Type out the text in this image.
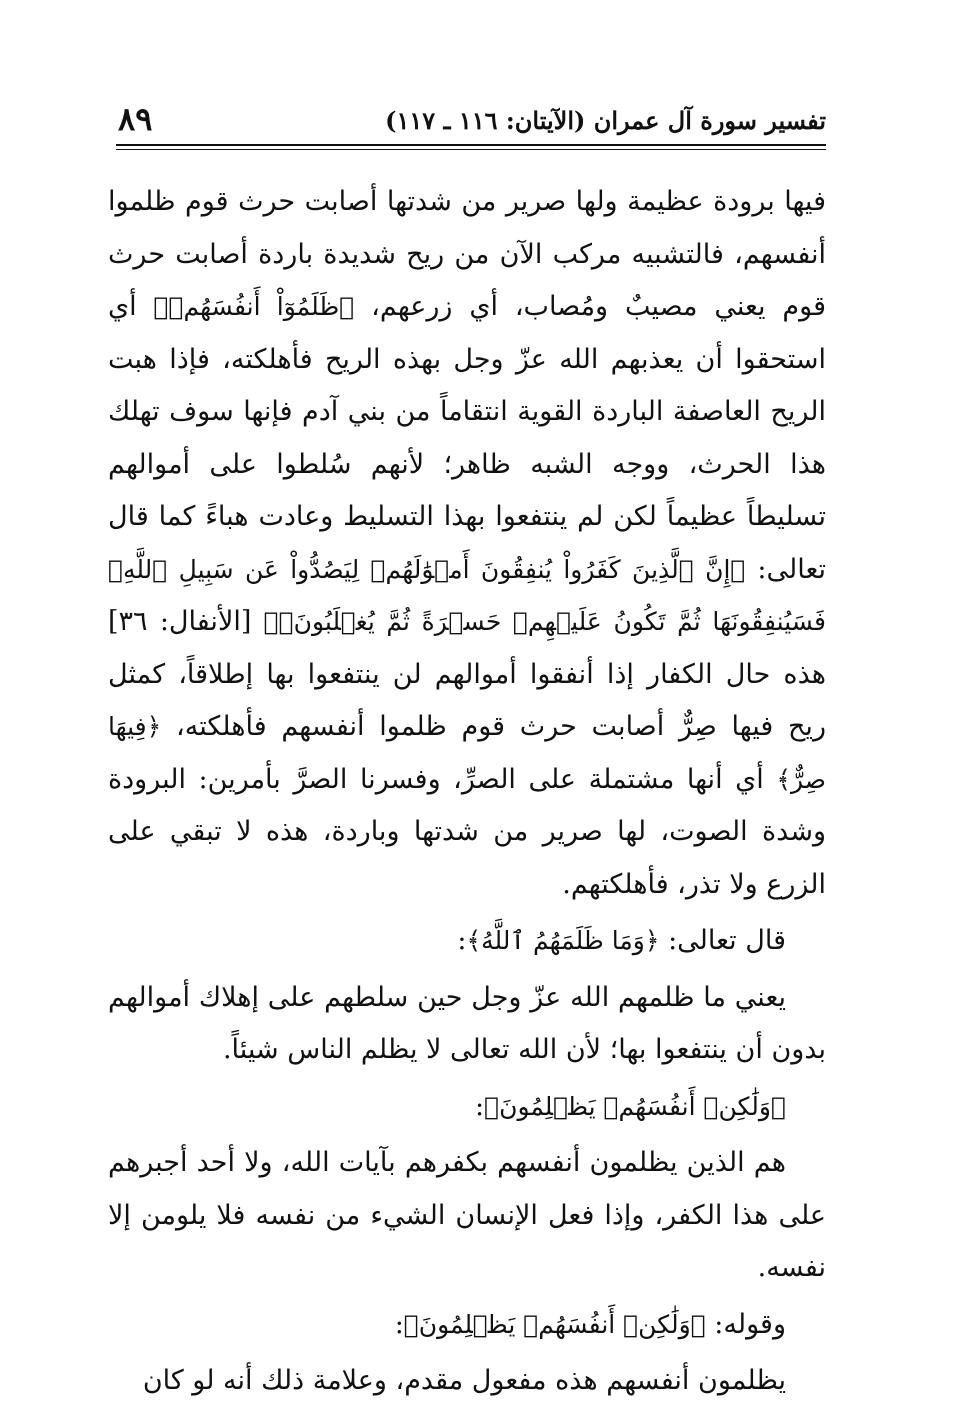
تفسير سورة آل عمران (الآيتان: ١١٦ ـ ١١٧)
٨٩

فيها برودة عظيمة ولها صرير من شدتها أصابت حرث قوم ظلموا أنفسهم، فالتشبيه مركب الآن من ريح شديدة باردة أصابت حرث قوم يعني مصيبٌ ومُصاب، أي زرعهم، ﴿ظَلَمُوٓاْ أَنفُسَهُمۡ﴾ أي استحقوا أن يعذبهم الله عزّ وجل بهذه الريح فأهلكته، فإذا هبت الريح العاصفة الباردة القوية انتقاماً من بني آدم فإنها سوف تهلك هذا الحرث، ووجه الشبه ظاهر؛ لأنهم سُلطوا على أموالهم تسليطاً عظيماً لكن لم ينتفعوا بهذا التسليط وعادت هباءً كما قال تعالى: ﴿إِنَّ ٱلَّذِينَ كَفَرُواْ يُنفِقُونَ أَمۡوَٰلَهُمۡ لِيَصُدُّواْ عَن سَبِيلِ ٱللَّهِۚ فَسَيُنفِقُونَهَا ثُمَّ تَكُونُ عَلَيۡهِمۡ حَسۡرَةً ثُمَّ يُغۡلَبُونَۗ﴾ [الأنفال: ٣٦] هذه حال الكفار إذا أنفقوا أموالهم لن ينتفعوا بها إطلاقاً، كمثل ريح فيها صِرٌّ أصابت حرث قوم ظلموا أنفسهم فأهلكته، ﴿فِيهَا صِرٌّ﴾ أي أنها مشتملة على الصرِّ، وفسرنا الصرَّ بأمرين: البرودة وشدة الصوت، لها صرير من شدتها وباردة، هذه لا تبقي على الزرع ولا تذر، فأهلكتهم.

قال تعالى: ﴿وَمَا ظَلَمَهُمُ ٱللَّهُ﴾:

يعني ما ظلمهم الله عزّ وجل حين سلطهم على إهلاك أموالهم بدون أن ينتفعوا بها؛ لأن الله تعالى لا يظلم الناس شيئاً.

﴿وَلَٰكِنۡ أَنفُسَهُمۡ يَظۡلِمُونَ﴾:

هم الذين يظلمون أنفسهم بكفرهم بآيات الله، ولا أحد أجبرهم على هذا الكفر، وإذا فعل الإنسان الشيء من نفسه فلا يلومن إلا نفسه.

وقوله: ﴿وَلَٰكِنۡ أَنفُسَهُمۡ يَظۡلِمُونَ﴾:

يظلمون أنفسهم هذه مفعول مقدم، وعلامة ذلك أنه لو كان
